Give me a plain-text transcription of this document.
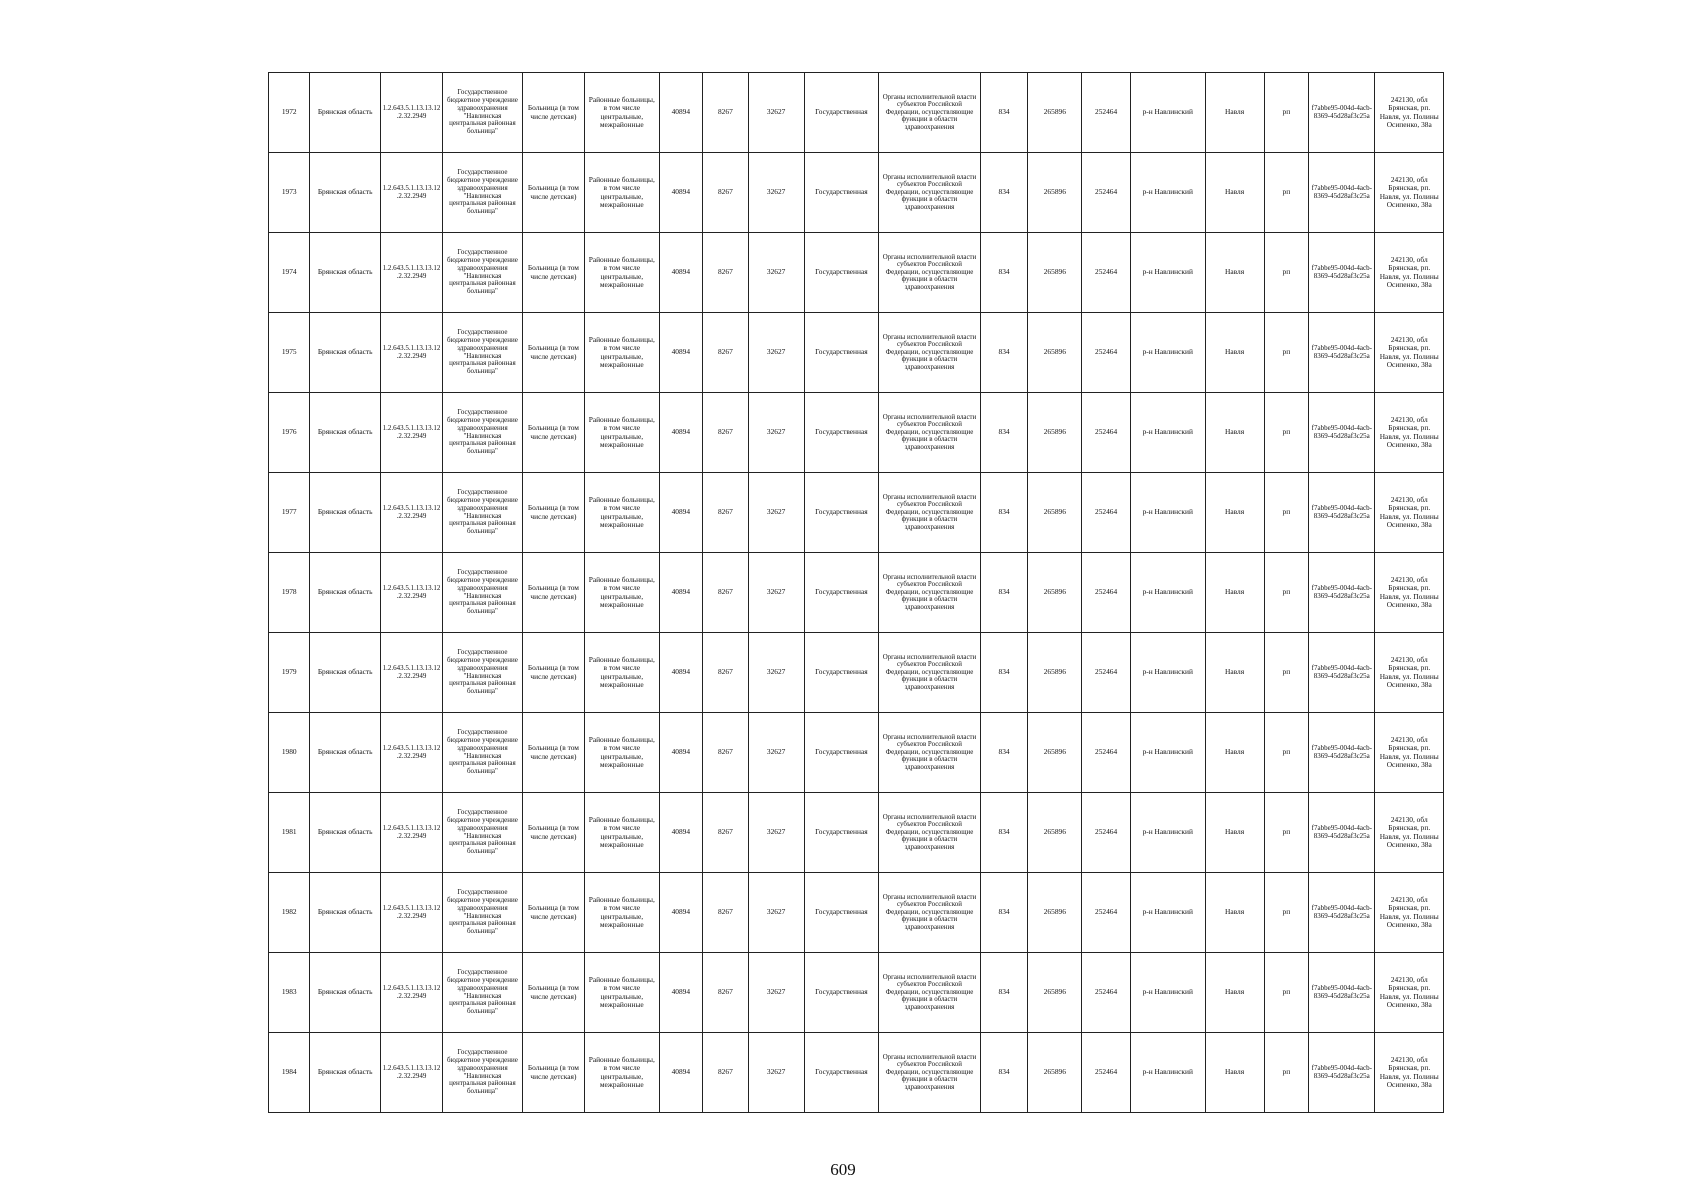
1972	Брянская область	1.2.643.5.1.13.13.12.2.32.2949	Государственное бюджетное учреждение здравоохранения "Навлинская центральная районная больница"	Больница (в том числе детская)	Районные больницы, в том числе центральные, межрайонные	40894	8267	32627	Государственная	Органы исполнительной власти субъектов Российской Федерации, осуществляющие функции в области здравоохранения	834	265896	252464	р-н Навлинский	Навля	рп	f7abbe95-004d-4acb-8369-45d28af3c25a	242130, обл Брянская, рп. Навля, ул. Полины Осипенко, 38а
1973	Брянская область	1.2.643.5.1.13.13.12.2.32.2949	Государственное бюджетное учреждение здравоохранения "Навлинская центральная районная больница"	Больница (в том числе детская)	Районные больницы, в том числе центральные, межрайонные	40894	8267	32627	Государственная	Органы исполнительной власти субъектов Российской Федерации, осуществляющие функции в области здравоохранения	834	265896	252464	р-н Навлинский	Навля	рп	f7abbe95-004d-4acb-8369-45d28af3c25a	242130, обл Брянская, рп. Навля, ул. Полины Осипенко, 38а
1974	Брянская область	1.2.643.5.1.13.13.12.2.32.2949	Государственное бюджетное учреждение здравоохранения "Навлинская центральная районная больница"	Больница (в том числе детская)	Районные больницы, в том числе центральные, межрайонные	40894	8267	32627	Государственная	Органы исполнительной власти субъектов Российской Федерации, осуществляющие функции в области здравоохранения	834	265896	252464	р-н Навлинский	Навля	рп	f7abbe95-004d-4acb-8369-45d28af3c25a	242130, обл Брянская, рп. Навля, ул. Полины Осипенко, 38а
1975	Брянская область	1.2.643.5.1.13.13.12.2.32.2949	Государственное бюджетное учреждение здравоохранения "Навлинская центральная районная больница"	Больница (в том числе детская)	Районные больницы, в том числе центральные, межрайонные	40894	8267	32627	Государственная	Органы исполнительной власти субъектов Российской Федерации, осуществляющие функции в области здравоохранения	834	265896	252464	р-н Навлинский	Навля	рп	f7abbe95-004d-4acb-8369-45d28af3c25a	242130, обл Брянская, рп. Навля, ул. Полины Осипенко, 38а
1976	Брянская область	1.2.643.5.1.13.13.12.2.32.2949	Государственное бюджетное учреждение здравоохранения "Навлинская центральная районная больница"	Больница (в том числе детская)	Районные больницы, в том числе центральные, межрайонные	40894	8267	32627	Государственная	Органы исполнительной власти субъектов Российской Федерации, осуществляющие функции в области здравоохранения	834	265896	252464	р-н Навлинский	Навля	рп	f7abbe95-004d-4acb-8369-45d28af3c25a	242130, обл Брянская, рп. Навля, ул. Полины Осипенко, 38а
1977	Брянская область	1.2.643.5.1.13.13.12.2.32.2949	Государственное бюджетное учреждение здравоохранения "Навлинская центральная районная больница"	Больница (в том числе детская)	Районные больницы, в том числе центральные, межрайонные	40894	8267	32627	Государственная	Органы исполнительной власти субъектов Российской Федерации, осуществляющие функции в области здравоохранения	834	265896	252464	р-н Навлинский	Навля	рп	f7abbe95-004d-4acb-8369-45d28af3c25a	242130, обл Брянская, рп. Навля, ул. Полины Осипенко, 38а
1978	Брянская область	1.2.643.5.1.13.13.12.2.32.2949	Государственное бюджетное учреждение здравоохранения "Навлинская центральная районная больница"	Больница (в том числе детская)	Районные больницы, в том числе центральные, межрайонные	40894	8267	32627	Государственная	Органы исполнительной власти субъектов Российской Федерации, осуществляющие функции в области здравоохранения	834	265896	252464	р-н Навлинский	Навля	рп	f7abbe95-004d-4acb-8369-45d28af3c25a	242130, обл Брянская, рп. Навля, ул. Полины Осипенко, 38а
1979	Брянская область	1.2.643.5.1.13.13.12.2.32.2949	Государственное бюджетное учреждение здравоохранения "Навлинская центральная районная больница"	Больница (в том числе детская)	Районные больницы, в том числе центральные, межрайонные	40894	8267	32627	Государственная	Органы исполнительной власти субъектов Российской Федерации, осуществляющие функции в области здравоохранения	834	265896	252464	р-н Навлинский	Навля	рп	f7abbe95-004d-4acb-8369-45d28af3c25a	242130, обл Брянская, рп. Навля, ул. Полины Осипенко, 38а
1980	Брянская область	1.2.643.5.1.13.13.12.2.32.2949	Государственное бюджетное учреждение здравоохранения "Навлинская центральная районная больница"	Больница (в том числе детская)	Районные больницы, в том числе центральные, межрайонные	40894	8267	32627	Государственная	Органы исполнительной власти субъектов Российской Федерации, осуществляющие функции в области здравоохранения	834	265896	252464	р-н Навлинский	Навля	рп	f7abbe95-004d-4acb-8369-45d28af3c25a	242130, обл Брянская, рп. Навля, ул. Полины Осипенко, 38а
1981	Брянская область	1.2.643.5.1.13.13.12.2.32.2949	Государственное бюджетное учреждение здравоохранения "Навлинская центральная районная больница"	Больница (в том числе детская)	Районные больницы, в том числе центральные, межрайонные	40894	8267	32627	Государственная	Органы исполнительной власти субъектов Российской Федерации, осуществляющие функции в области здравоохранения	834	265896	252464	р-н Навлинский	Навля	рп	f7abbe95-004d-4acb-8369-45d28af3c25a	242130, обл Брянская, рп. Навля, ул. Полины Осипенко, 38а
1982	Брянская область	1.2.643.5.1.13.13.12.2.32.2949	Государственное бюджетное учреждение здравоохранения "Навлинская центральная районная больница"	Больница (в том числе детская)	Районные больницы, в том числе центральные, межрайонные	40894	8267	32627	Государственная	Органы исполнительной власти субъектов Российской Федерации, осуществляющие функции в области здравоохранения	834	265896	252464	р-н Навлинский	Навля	рп	f7abbe95-004d-4acb-8369-45d28af3c25a	242130, обл Брянская, рп. Навля, ул. Полины Осипенко, 38а
1983	Брянская область	1.2.643.5.1.13.13.12.2.32.2949	Государственное бюджетное учреждение здравоохранения "Навлинская центральная районная больница"	Больница (в том числе детская)	Районные больницы, в том числе центральные, межрайонные	40894	8267	32627	Государственная	Органы исполнительной власти субъектов Российской Федерации, осуществляющие функции в области здравоохранения	834	265896	252464	р-н Навлинский	Навля	рп	f7abbe95-004d-4acb-8369-45d28af3c25a	242130, обл Брянская, рп. Навля, ул. Полины Осипенко, 38а
1984	Брянская область	1.2.643.5.1.13.13.12.2.32.2949	Государственное бюджетное учреждение здравоохранения "Навлинская центральная районная больница"	Больница (в том числе детская)	Районные больницы, в том числе центральные, межрайонные	40894	8267	32627	Государственная	Органы исполнительной власти субъектов Российской Федерации, осуществляющие функции в области здравоохранения	834	265896	252464	р-н Навлинский	Навля	рп	f7abbe95-004d-4acb-8369-45d28af3c25a	242130, обл Брянская, рп. Навля, ул. Полины Осипенко, 38а
609
